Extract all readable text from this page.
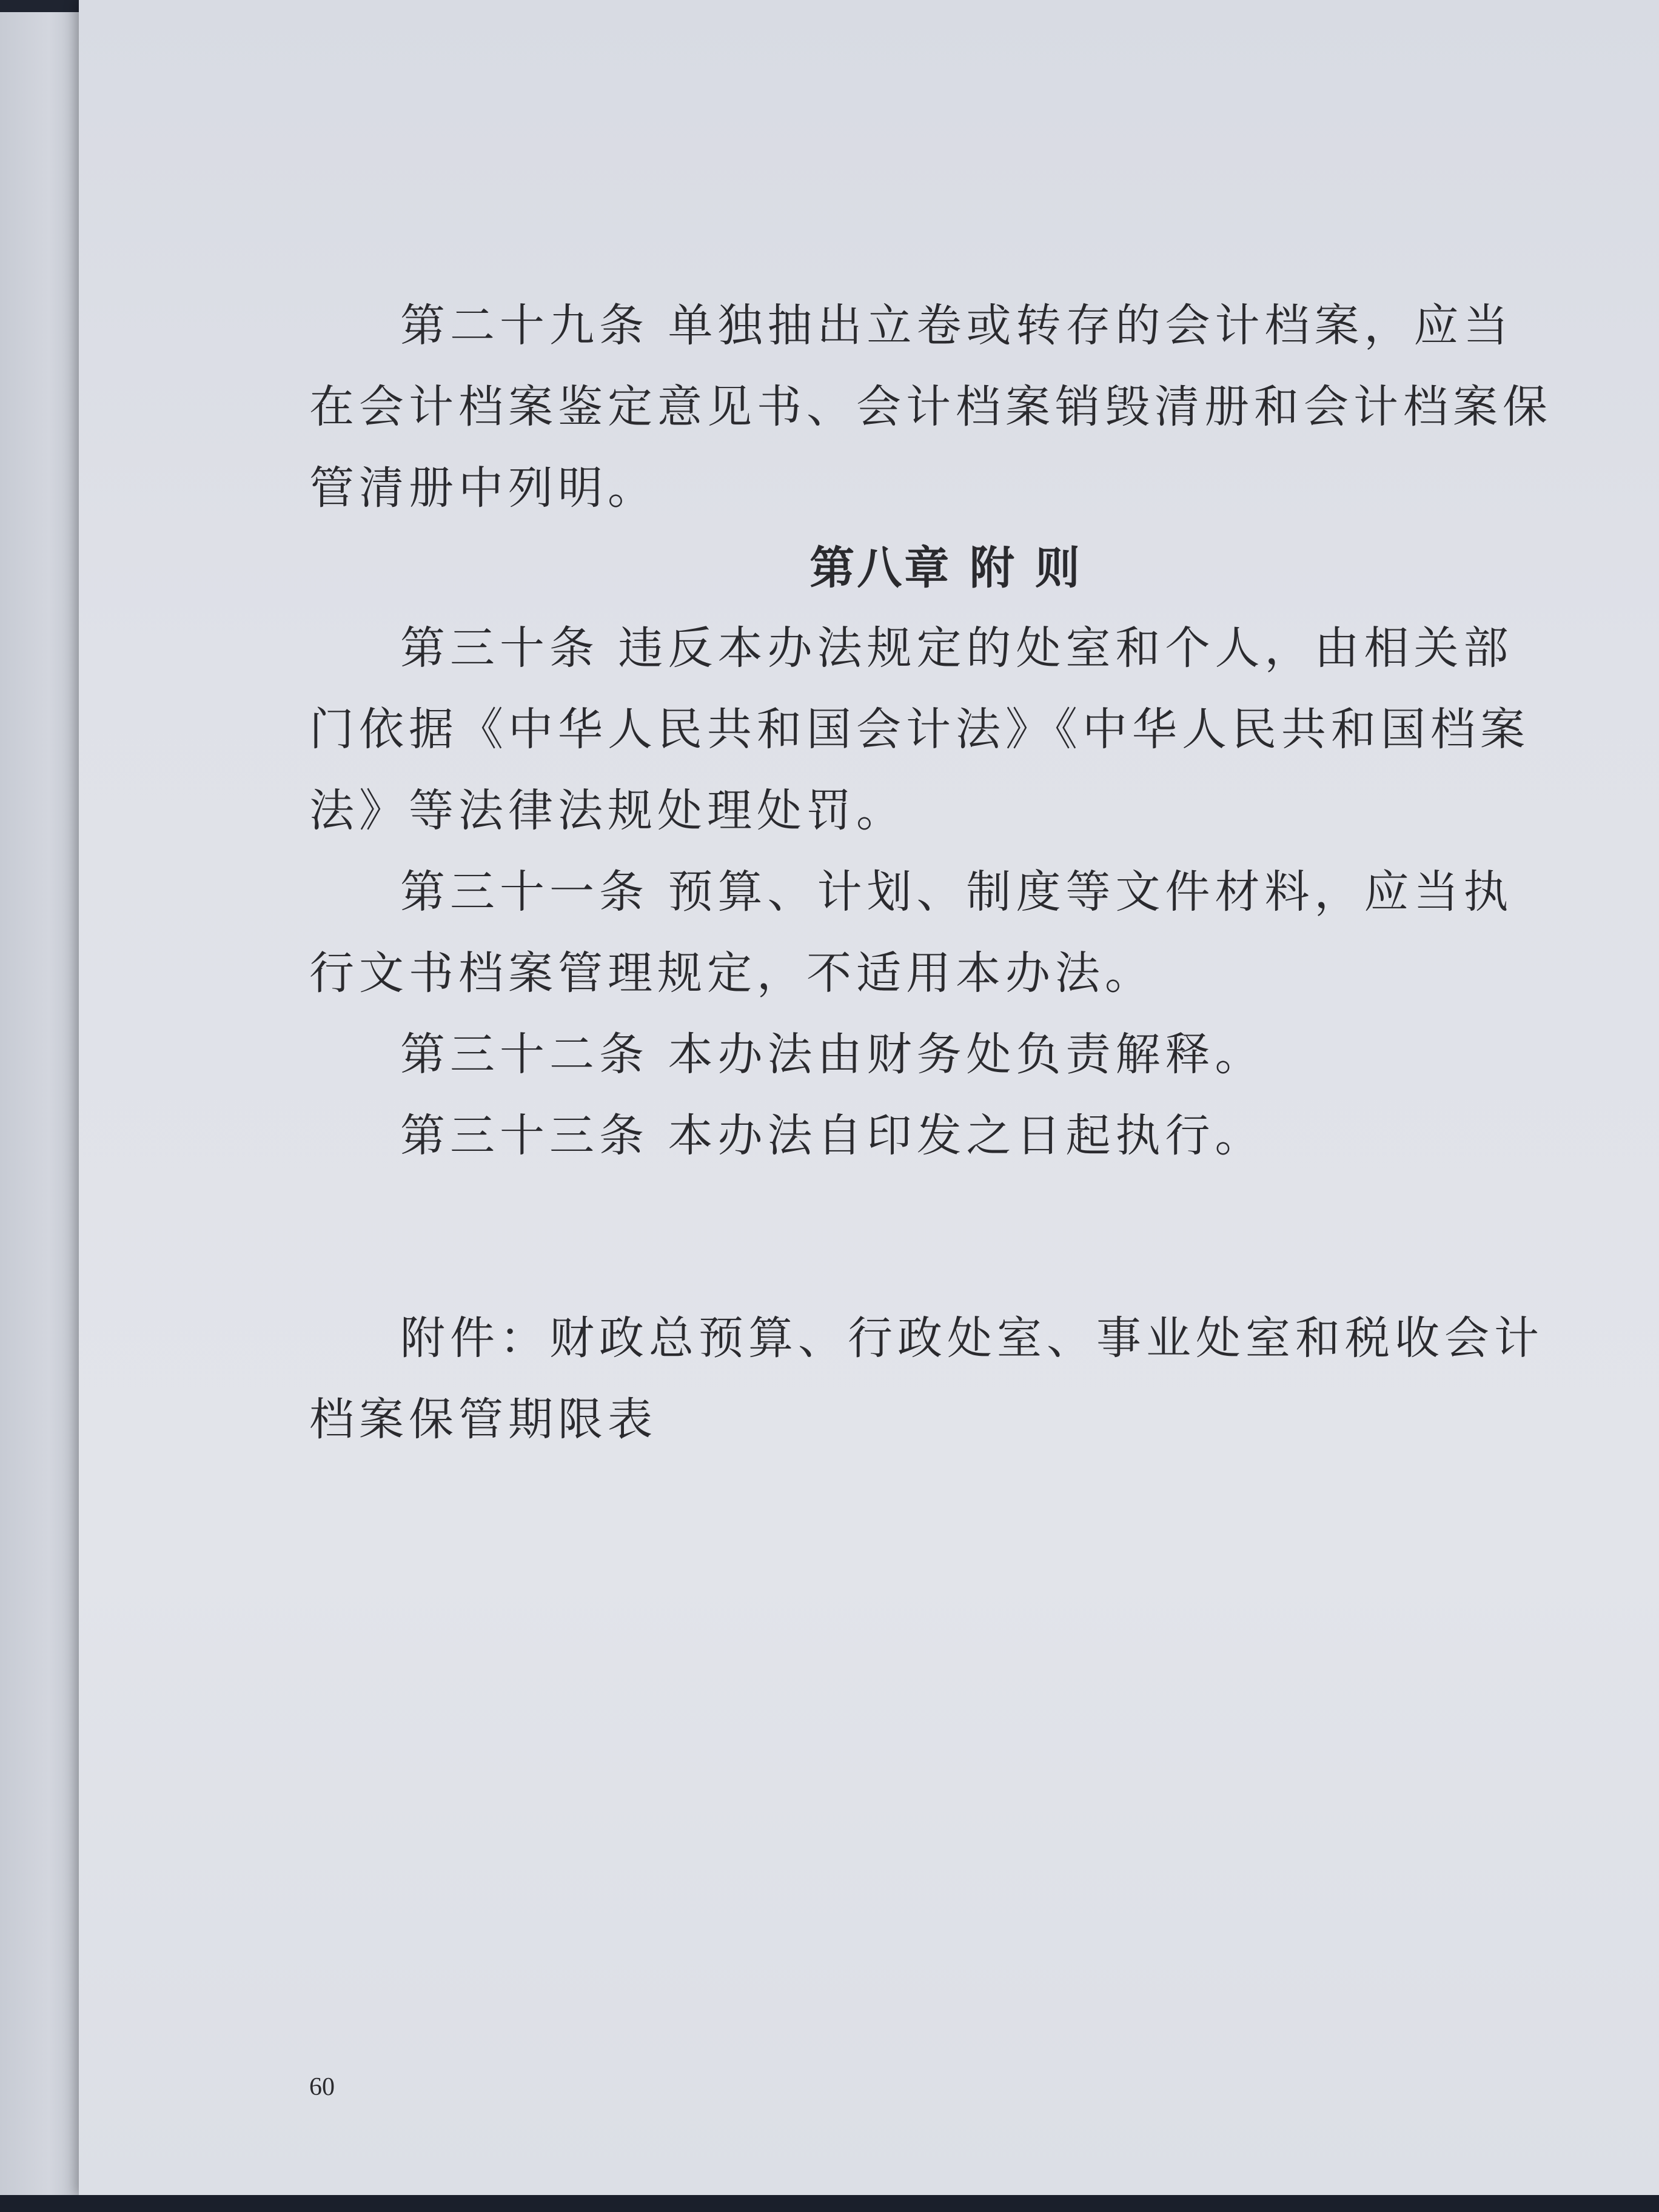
第二十九条 单独抽出立卷或转存的会计档案，应当在会计档案鉴定意见书、会计档案销毁清册和会计档案保管清册中列明。

第八章 附 则

第三十条 违反本办法规定的处室和个人，由相关部门依据《中华人民共和国会计法》《中华人民共和国档案法》等法律法规处理处罚。

第三十一条 预算、计划、制度等文件材料，应当执行文书档案管理规定，不适用本办法。

第三十二条 本办法由财务处负责解释。

第三十三条 本办法自印发之日起执行。

附件：财政总预算、行政处室、事业处室和税收会计档案保管期限表

60
